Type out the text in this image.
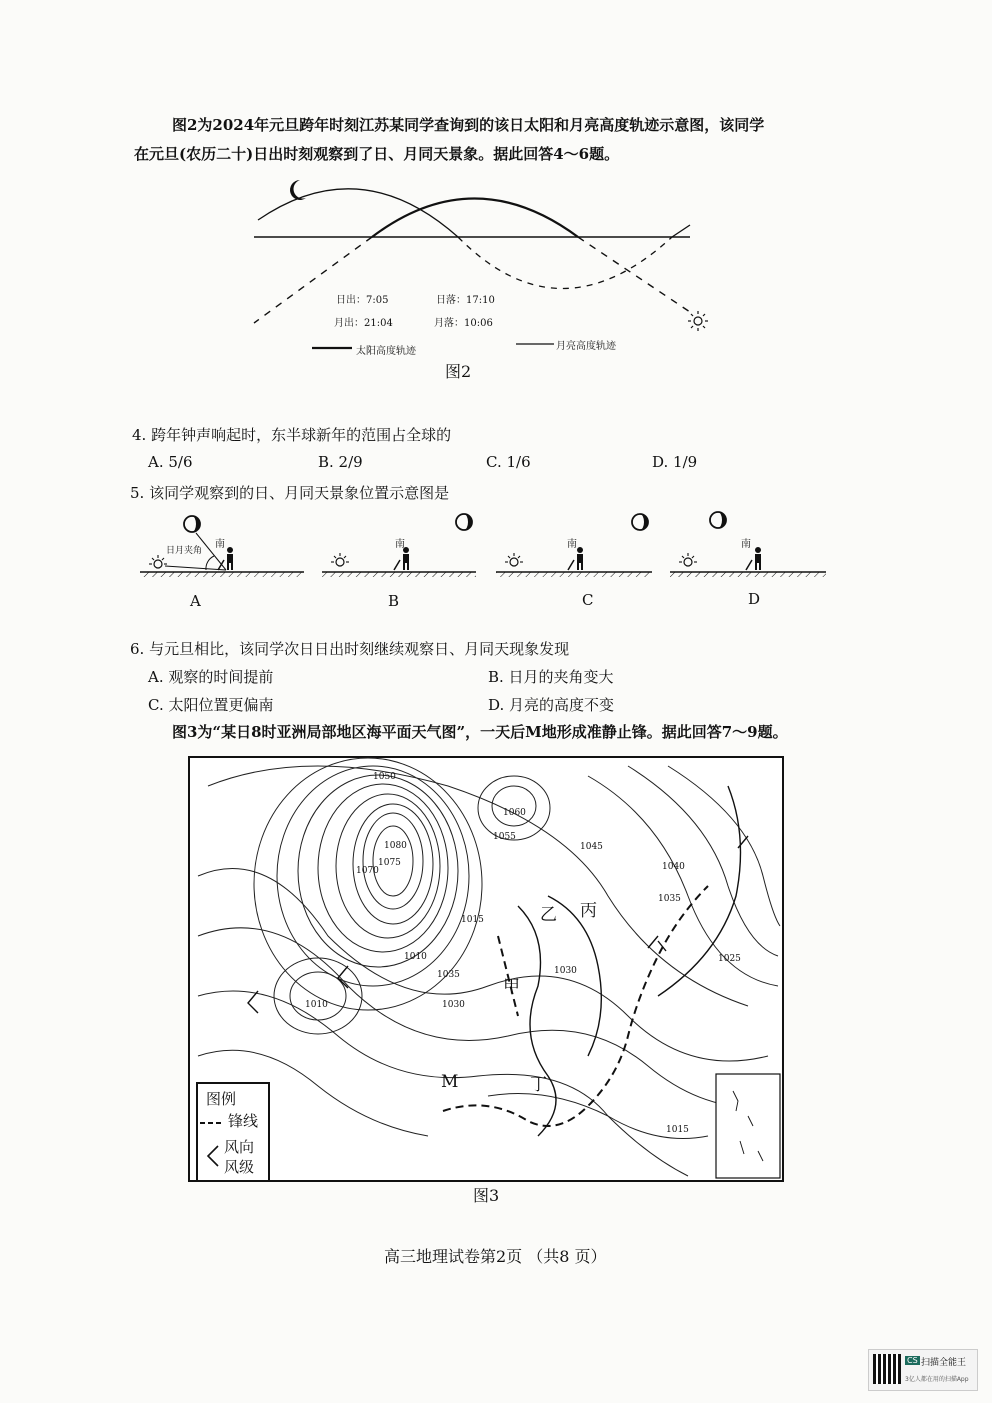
图2为2024年元旦跨年时刻江苏某同学查询到的该日太阳和月亮高度轨迹示意图，该同学
在元旦(农历二十)日出时刻观察到了日、月同天景象。据此回答4～6题。
日出：7:05	日落：17:10
月出：21:04	月落：10:06
太阳高度轨迹	月亮高度轨迹
图2
4. 跨年钟声响起时，东半球新年的范围占全球的
A. 5/6	B. 2/9	C. 1/6	D. 1/9
5. 该同学观察到的日、月同天景象位置示意图是
日月夹角
南	南	南	南
A	B	C	D
6. 与元旦相比，该同学次日日出时刻继续观察日、月同天现象发现
A. 观察的时间提前	B. 日月的夹角变大
C. 太阳位置更偏南	D. 月亮的高度不变
图3为“某日8时亚洲局部地区海平面天气图”，一天后M地形成准静止锋。据此回答7～9题。
1050
1060
1080
1075
1070
1055
1045
1040
1035
1025
1010
1035
1010
1030
1030
1015
1015	乙 丙
甲
丁
M
图例
锋线
风向
风级
图3
高三地理试卷第2页 （共8 页）
CS 扫描全能王
3亿人都在用的扫描App
